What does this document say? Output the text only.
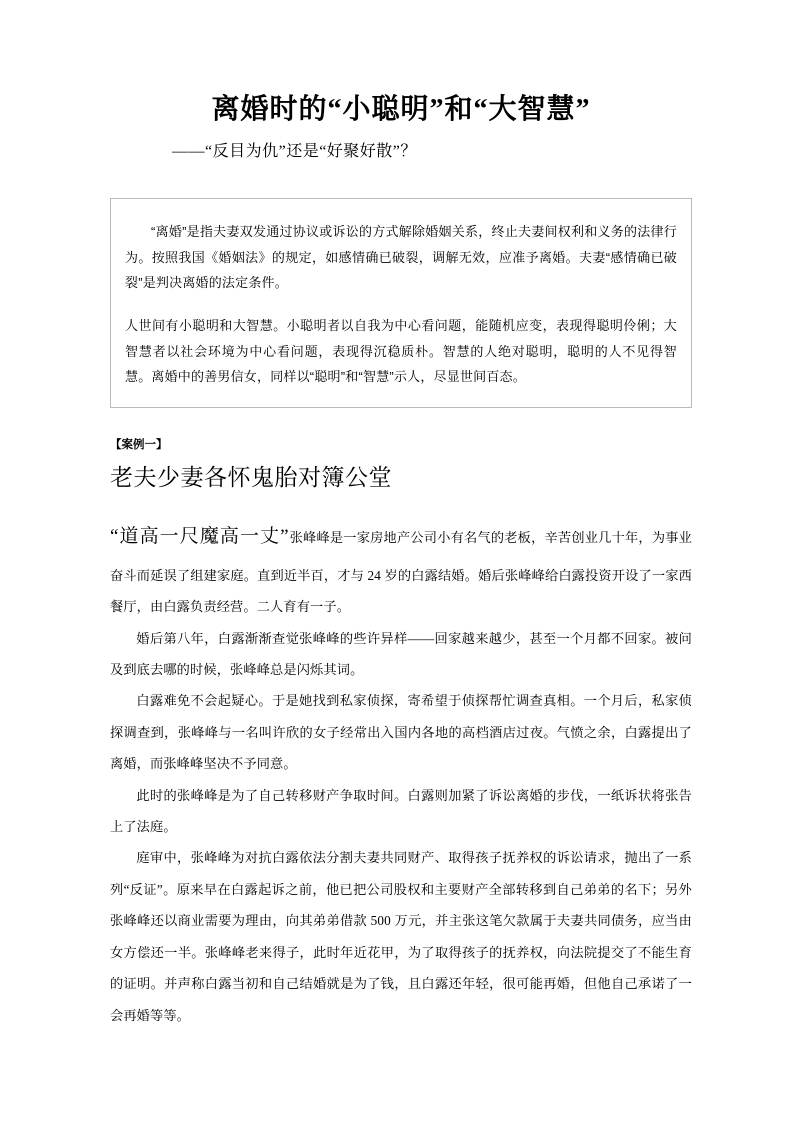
离婚时的“小聪明”和“大智慧”
——“反目为仇”还是“好聚好散”？

“离婚”是指夫妻双发通过协议或诉讼的方式解除婚姻关系，终止夫妻间权利和义务的法律行为。按照我国《婚姻法》的规定，如感情确已破裂，调解无效，应准予离婚。夫妻“感情确已破裂”是判决离婚的法定条件。

人世间有小聪明和大智慧。小聪明者以自我为中心看问题，能随机应变，表现得聪明伶俐；大智慧者以社会环境为中心看问题，表现得沉稳质朴。智慧的人绝对聪明，聪明的人不见得智慧。离婚中的善男信女，同样以“聪明”和“智慧”示人，尽显世间百态。

【案例一】
老夫少妻各怀鬼胎对簿公堂

“道高一尺魔高一丈”张峰峰是一家房地产公司小有名气的老板，辛苦创业几十年，为事业奋斗而延误了组建家庭。直到近半百，才与 24 岁的白露结婚。婚后张峰峰给白露投资开设了一家西餐厅，由白露负责经营。二人育有一子。

婚后第八年，白露渐渐查觉张峰峰的些许异样——回家越来越少，甚至一个月都不回家。被问及到底去哪的时候，张峰峰总是闪烁其词。

白露难免不会起疑心。于是她找到私家侦探，寄希望于侦探帮忙调查真相。一个月后，私家侦探调查到，张峰峰与一名叫许欣的女子经常出入国内各地的高档酒店过夜。气愤之余，白露提出了离婚，而张峰峰坚决不予同意。

此时的张峰峰是为了自己转移财产争取时间。白露则加紧了诉讼离婚的步伐，一纸诉状将张告上了法庭。

庭审中，张峰峰为对抗白露依法分割夫妻共同财产、取得孩子抚养权的诉讼请求，抛出了一系列“反证”。原来早在白露起诉之前，他已把公司股权和主要财产全部转移到自己弟弟的名下；另外张峰峰还以商业需要为理由，向其弟弟借款 500 万元，并主张这笔欠款属于夫妻共同债务，应当由女方偿还一半。张峰峰老来得子，此时年近花甲，为了取得孩子的抚养权，向法院提交了不能生育的证明。并声称白露当初和自己结婚就是为了钱，且白露还年轻，很可能再婚，但他自己承诺了一会再婚等等。
